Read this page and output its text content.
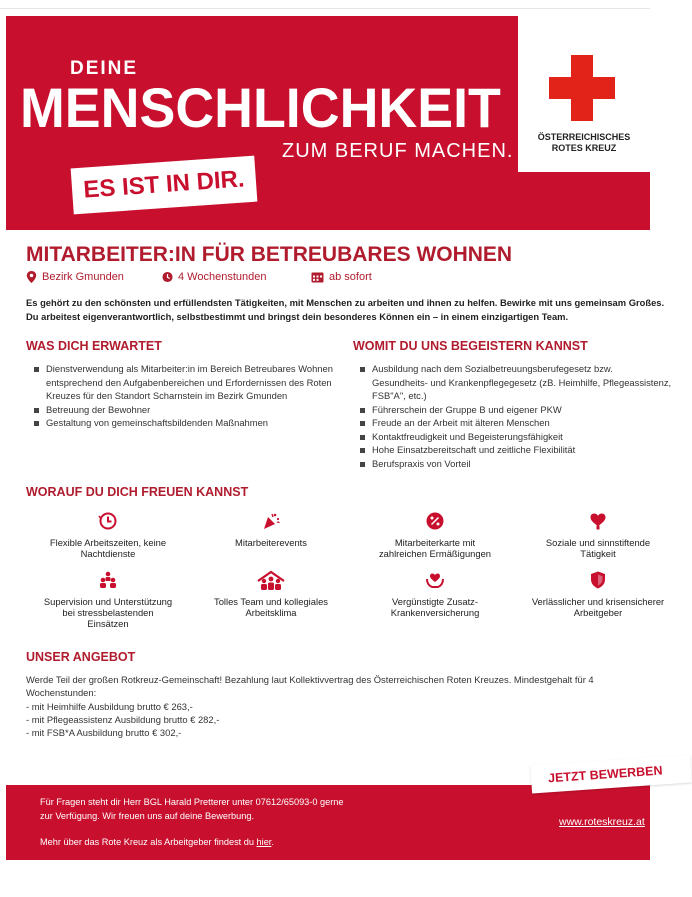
DEINE
MENSCHLICHKEIT
ZUM BERUF MACHEN.
ES IST IN DIR.
ÖSTERREICHISCHES
ROTES KREUZ
MITARBEITER:IN FÜR BETREUBARES WOHNEN
Bezirk Gmunden	4 Wochenstunden	ab sofort
Es gehört zu den schönsten und erfüllendsten Tätigkeiten, mit Menschen zu arbeiten und ihnen zu helfen. Bewirke mit uns gemeinsam Großes.
Du arbeitest eigenverantwortlich, selbstbestimmt und bringst dein besonderes Können ein – in einem einzigartigen Team.
WAS DICH ERWARTET
Dienstverwendung als Mitarbeiter:in im Bereich Betreubares Wohnen
entsprechend den Aufgabenbereichen und Erfordernissen des Roten
Kreuzes für den Standort Scharnstein im Bezirk Gmunden
Betreuung der Bewohner
Gestaltung von gemeinschaftsbildenden Maßnahmen
WOMIT DU UNS BEGEISTERN KANNST
Ausbildung nach dem Sozialbetreuungsberufegesetz bzw.
Gesundheits- und Krankenpflegegesetz (zB. Heimhilfe, Pflegeassistenz,
FSB"A", etc.)
Führerschein der Gruppe B und eigener PKW
Freude an der Arbeit mit älteren Menschen
Kontaktfreudigkeit und Begeisterungsfähigkeit
Hohe Einsatzbereitschaft und zeitliche Flexibilität
Berufspraxis von Vorteil
WORAUF DU DICH FREUEN KANNST
Flexible Arbeitszeiten, keine
Nachtdienste
Mitarbeiterevents	Mitarbeiterkarte mit
zahlreichen Ermäßigungen
Soziale und sinnstiftende
Tätigkeit
Supervision und Unterstützung
bei stressbelastenden
Einsätzen
Tolles Team und kollegiales
Arbeitsklima
Vergünstigte Zusatz-
Krankenversicherung
Verlässlicher und krisensicherer
Arbeitgeber
UNSER ANGEBOT
Werde Teil der großen Rotkreuz-Gemeinschaft! Bezahlung laut Kollektivvertrag des Österreichischen Roten Kreuzes. Mindestgehalt für 4
Wochenstunden:
- mit Heimhilfe Ausbildung brutto € 263,-
- mit Pflegeassistenz Ausbildung brutto € 282,-
- mit FSB*A Ausbildung brutto € 302,-
JETZT BEWERBEN
Für Fragen steht dir Herr BGL Harald Pretterer unter 07612/65093-0 gerne
zur Verfügung. Wir freuen uns auf deine Bewerbung.
Mehr über das Rote Kreuz als Arbeitgeber findest du hier.
www.roteskreuz.at
